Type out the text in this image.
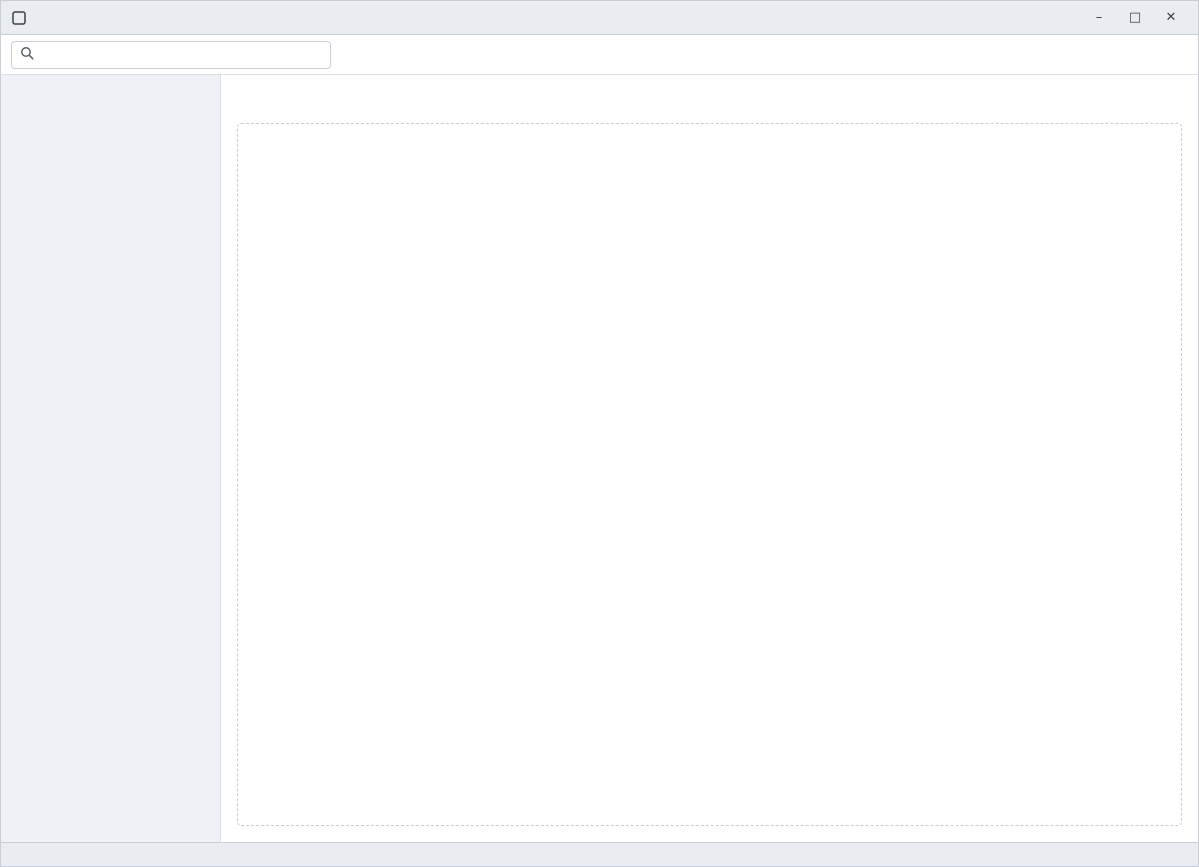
–	□	✕
